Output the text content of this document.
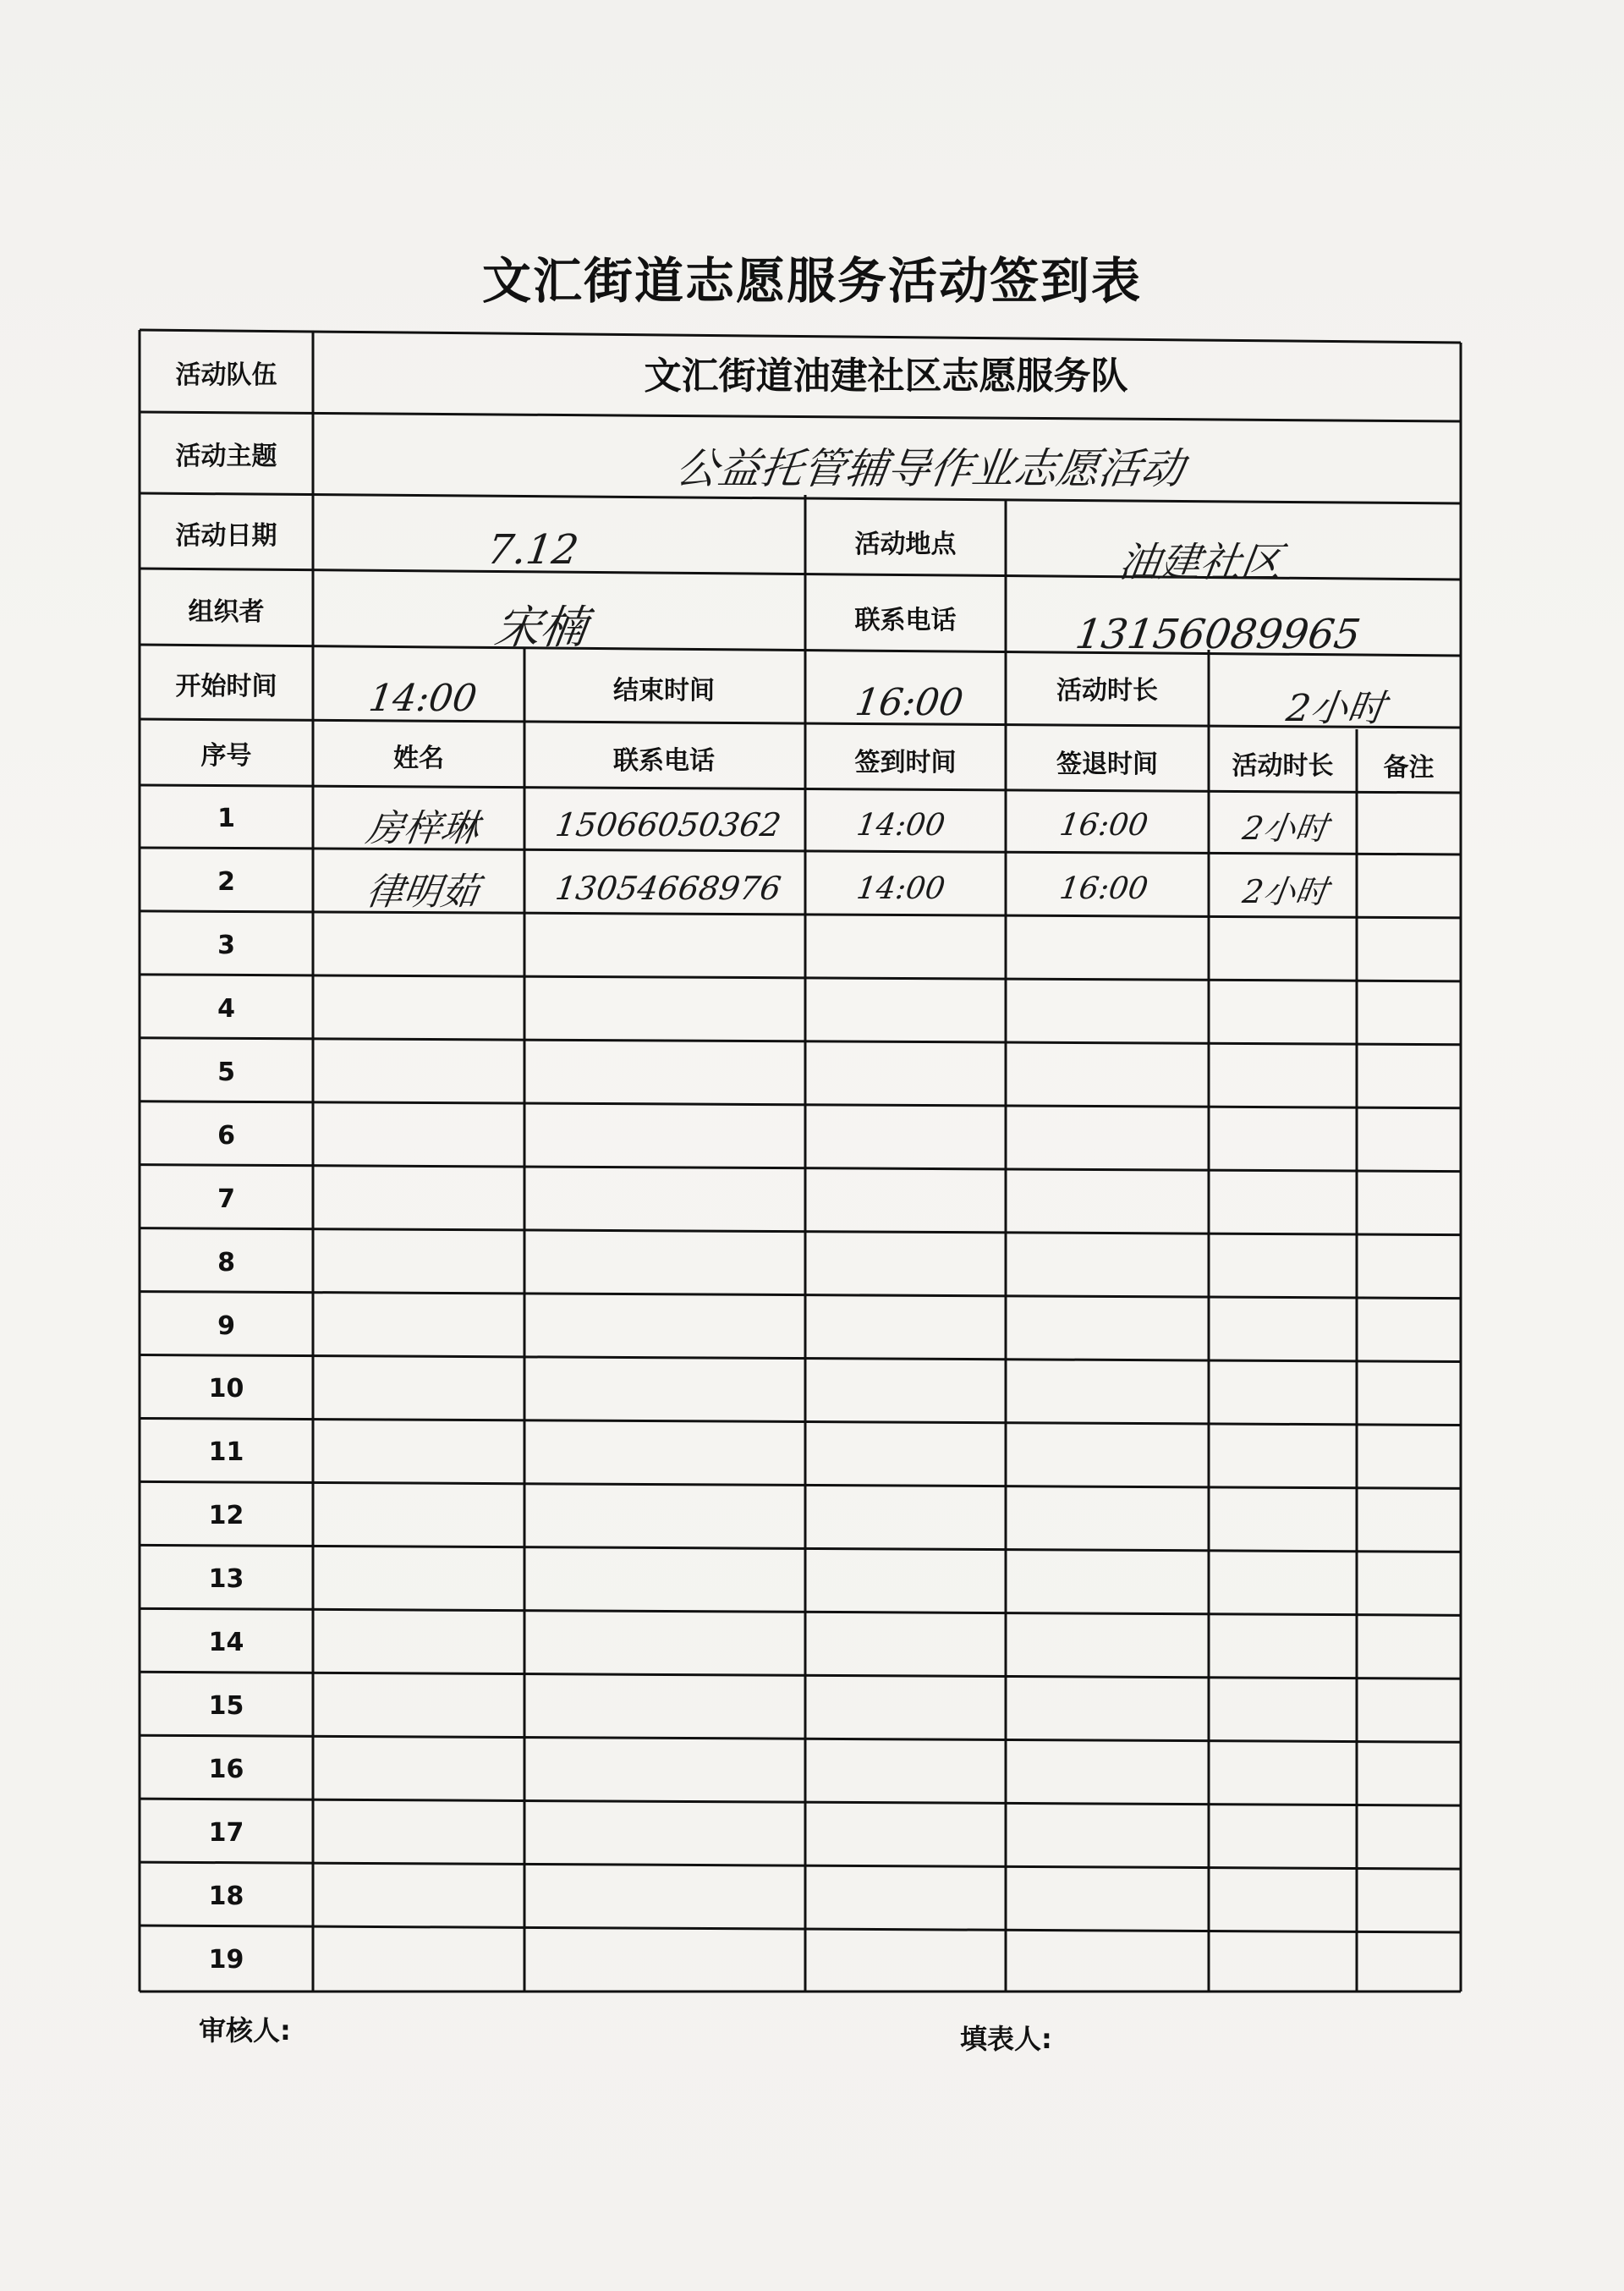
文汇街道志愿服务活动签到表
活动队伍	文汇街道油建社区志愿服务队
活动主题	公益托管辅导作业志愿活动
活动日期	7.12	活动地点	油建社区
组织者	宋楠	联系电话	13156089965
开始时间	14:00	结束时间	16:00	活动时长	2小时
序号	姓名	联系电话	签到时间	签退时间	活动时长	备注
1	房梓琳	15066050362	14:00	16:00	2小时
2	律明茹	13054668976	14:00	16:00	2小时
3
4
5
6
7
8
9
10
11
12
13
14
15
16
17
18
19
审核人:	填表人:
